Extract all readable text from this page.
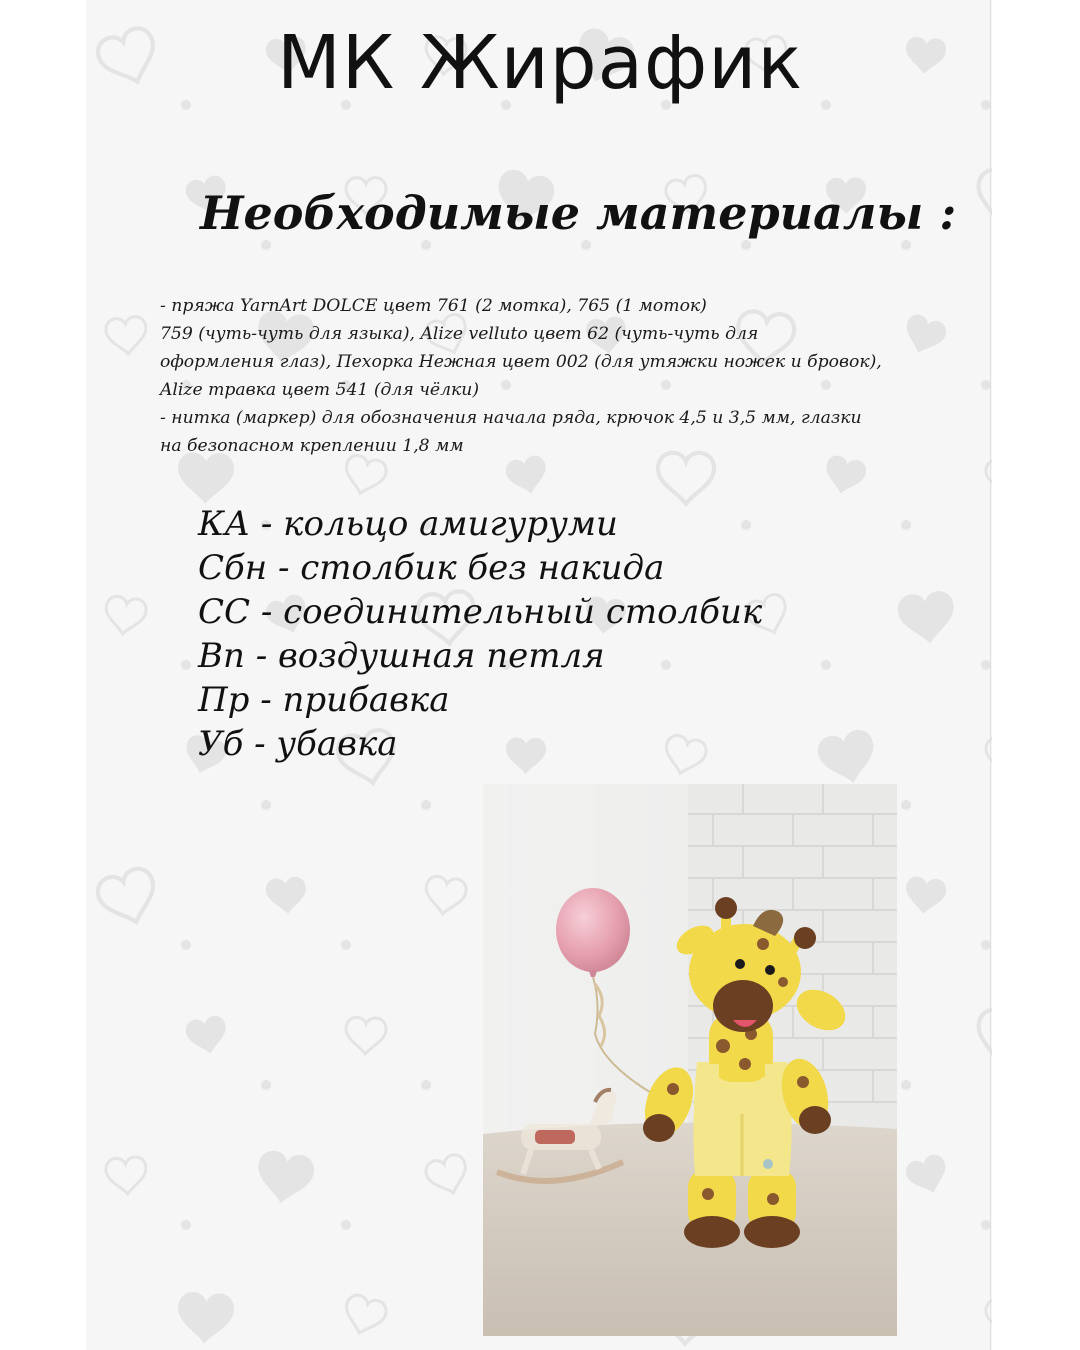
МК Жирафик
Необходимые материалы :
- пряжа YarnArt DOLCE цвет 761 (2 мотка), 765 (1 моток)
759 (чуть-чуть для языка), Alize velluto цвет 62 (чуть-чуть для
оформления глаз), Пехорка Нежная цвет 002 (для утяжки ножек и бровок),
Alize травка цвет 541 (для чёлки)
- нитка (маркер) для обозначения начала ряда, крючок 4,5 и 3,5 мм, глазки
на безопасном креплении 1,8 мм
КА - кольцо амигуруми
Сбн - столбик без накида
СС - соединительный столбик
Вп - воздушная петля
Пр - прибавка
Уб - убавка
